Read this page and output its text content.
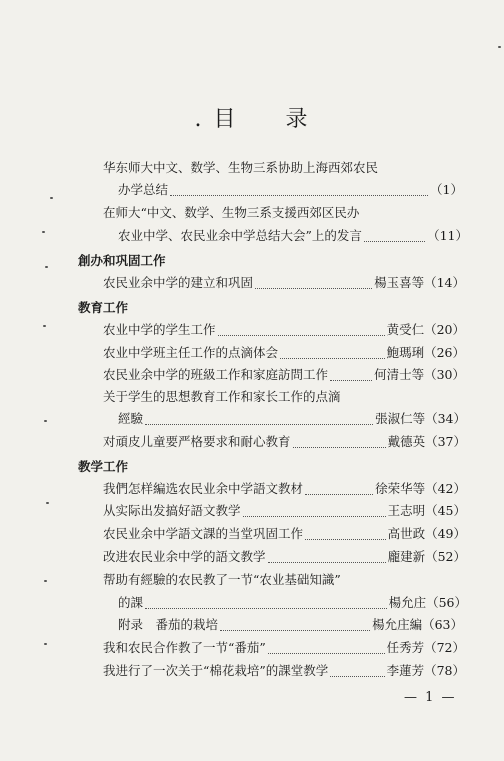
. 目 录
华东师大中文、数学、生物三系协助上海西郊农民
办学总结	（1）
在师大“中文、数学、生物三系支援西郊区民办
农业中学、农民业余中学总结大会”上的发言	（11）
創办和巩固工作
农民业余中学的建立和巩固	楊玉喜等 （14）
教育工作
农业中学的学生工作	黄受仁 （20）
农业中学班主任工作的点滴体会	鮑瑪琍 （26）
农民业余中学的班級工作和家庭訪問工作	何清士等 （30）
关于学生的思想教育工作和家长工作的点滴
經驗	張淑仁等 （34）
对頑皮儿童要严格要求和耐心教育	戴德英 （37）
教学工作
我們怎样編选农民业余中学語文教材	徐荣华等 （42）
从实际出发搞好語文教学	王志明 （45）
农民业余中学語文課的当堂巩固工作	高世政 （49）
改进农民业余中学的語文教学	龐建新 （52）
帮助有經驗的农民教了一节“农业基础知識”
的課	楊允庄 （56）
附录　番茄的栽培	楊允庄編 （63）
我和农民合作教了一节“番茄”	任秀芳 （72）
我进行了一次关于“棉花栽培”的課堂教学	李蓮芳 （78）
— 1 —
